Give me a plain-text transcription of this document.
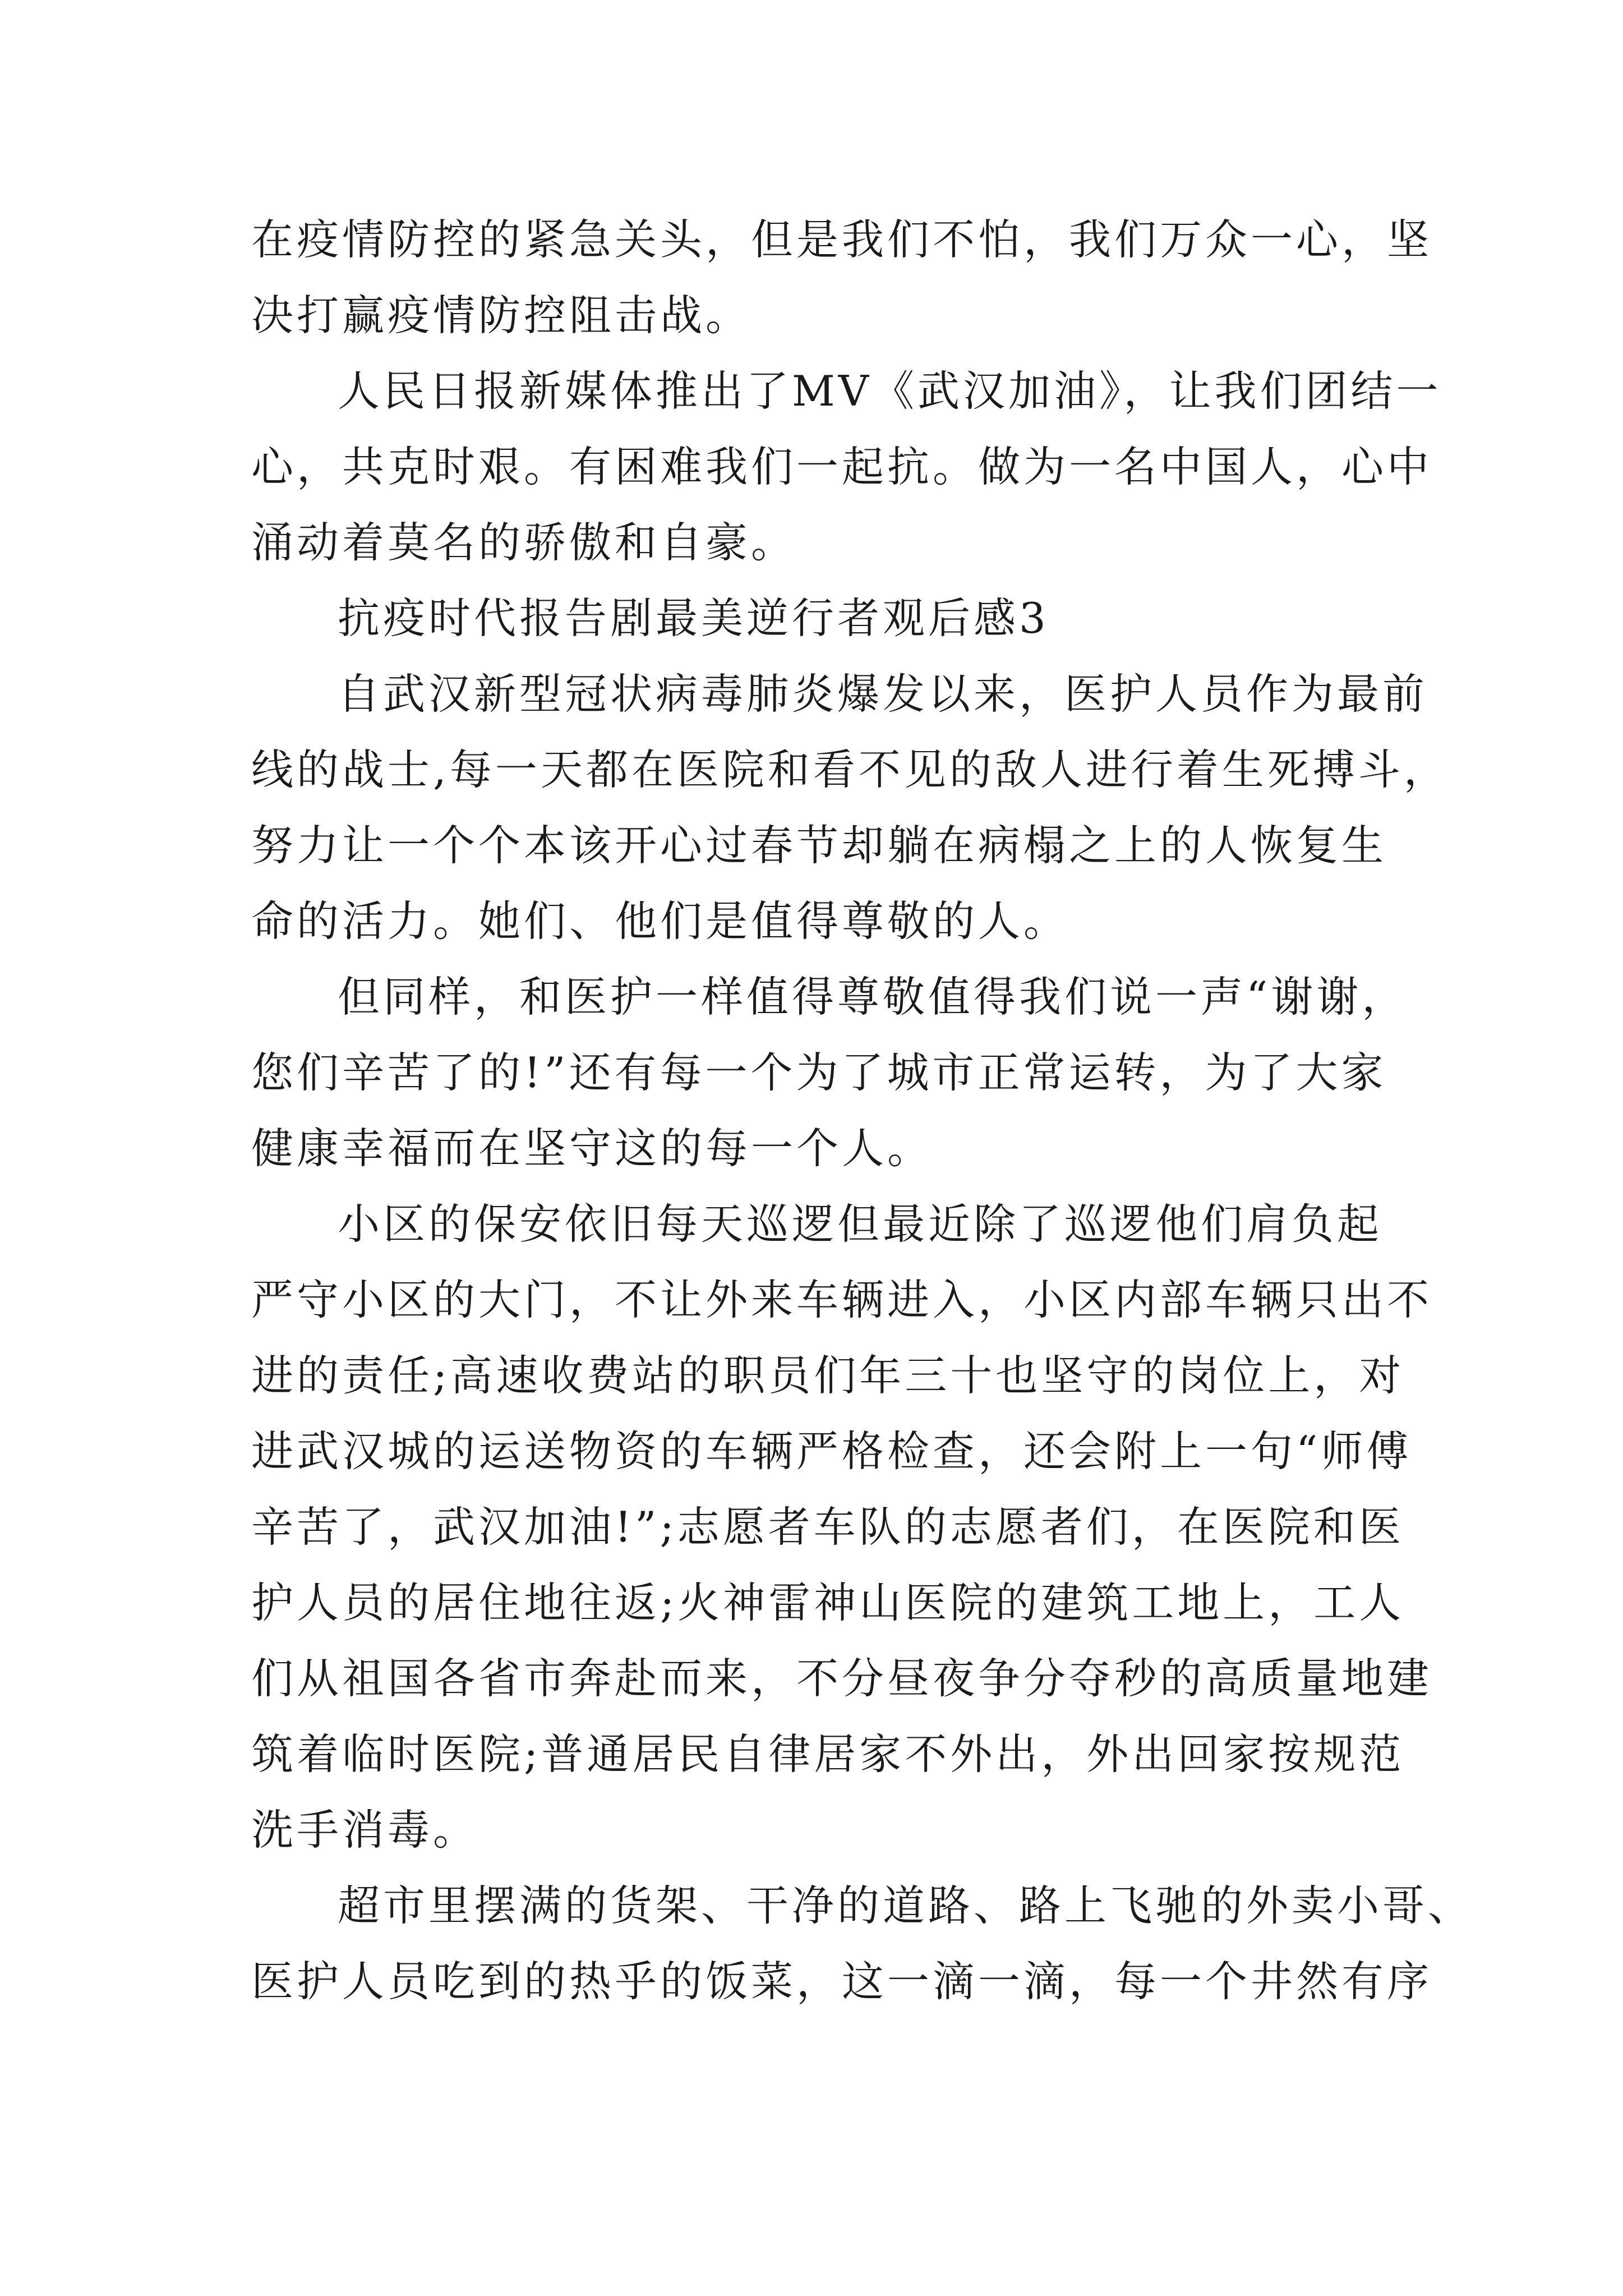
在疫情防控的紧急关头，但是我们不怕，我们万众一心，坚
决打赢疫情防控阻击战。
人民日报新媒体推出了MV《武汉加油》，让我们团结一
心，共克时艰。有困难我们一起抗。做为一名中国人，心中
涌动着莫名的骄傲和自豪。
抗疫时代报告剧最美逆行者观后感3
自武汉新型冠状病毒肺炎爆发以来，医护人员作为最前
线的战士,每一天都在医院和看不见的敌人进行着生死搏斗，
努力让一个个本该开心过春节却躺在病榻之上的人恢复生
命的活力。她们、他们是值得尊敬的人。
但同样，和医护一样值得尊敬值得我们说一声“谢谢，
您们辛苦了的!”还有每一个为了城市正常运转，为了大家
健康幸福而在坚守这的每一个人。
小区的保安依旧每天巡逻但最近除了巡逻他们肩负起
严守小区的大门，不让外来车辆进入，小区内部车辆只出不
进的责任;高速收费站的职员们年三十也坚守的岗位上，对
进武汉城的运送物资的车辆严格检查，还会附上一句“师傅
辛苦了，武汉加油!”;志愿者车队的志愿者们，在医院和医
护人员的居住地往返;火神雷神山医院的建筑工地上，工人
们从祖国各省市奔赴而来，不分昼夜争分夺秒的高质量地建
筑着临时医院;普通居民自律居家不外出，外出回家按规范
洗手消毒。
超市里摆满的货架、干净的道路、路上飞驰的外卖小哥、
医护人员吃到的热乎的饭菜，这一滴一滴，每一个井然有序
